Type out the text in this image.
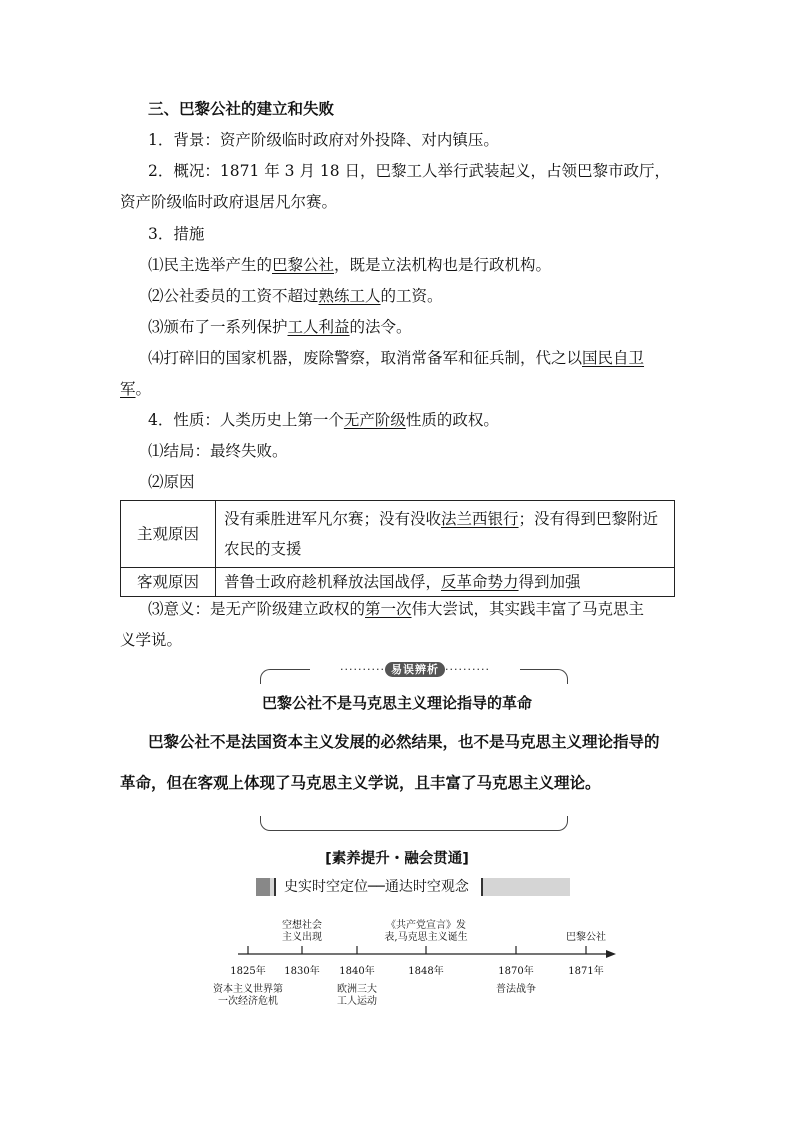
三、巴黎公社的建立和失败
1．背景：资产阶级临时政府对外投降、对内镇压。
2．概况：1871 年 3 月 18 日，巴黎工人举行武装起义，占领巴黎市政厅，
资产阶级临时政府退居凡尔赛。
3．措施
⑴民主选举产生的巴黎公社，既是立法机构也是行政机构。
⑵公社委员的工资不超过熟练工人的工资。
⑶颁布了一系列保护工人利益的法令。
⑷打碎旧的国家机器，废除警察，取消常备军和征兵制，代之以国民自卫
军。
4．性质：人类历史上第一个无产阶级性质的政权。
⑴结局：最终失败。
⑵原因
主观原因	没有乘胜进军凡尔赛；没有没收法兰西银行；没有得到巴黎附近
农民的支援
客观原因	普鲁士政府趁机释放法国战俘，反革命势力得到加强
⑶意义：是无产阶级建立政权的第一次伟大尝试，其实践丰富了马克思主
义学说。
·········· 易误辨析 ··········
巴黎公社不是马克思主义理论指导的革命
巴黎公社不是法国资本主义发展的必然结果，也不是马克思主义理论指导的
革命，但在客观上体现了马克思主义学说，且丰富了马克思主义理论。
[素养提升・融会贯通]
史实时空定位──通达时空观念
1825年
资本主义世界第
一次经济危机
1830年
空想社会
主义出现
1840年
欧洲三大
工人运动
1848年
《共产党宣言》发
表,马克思主义诞生
1870年
普法战争
1871年
巴黎公社
